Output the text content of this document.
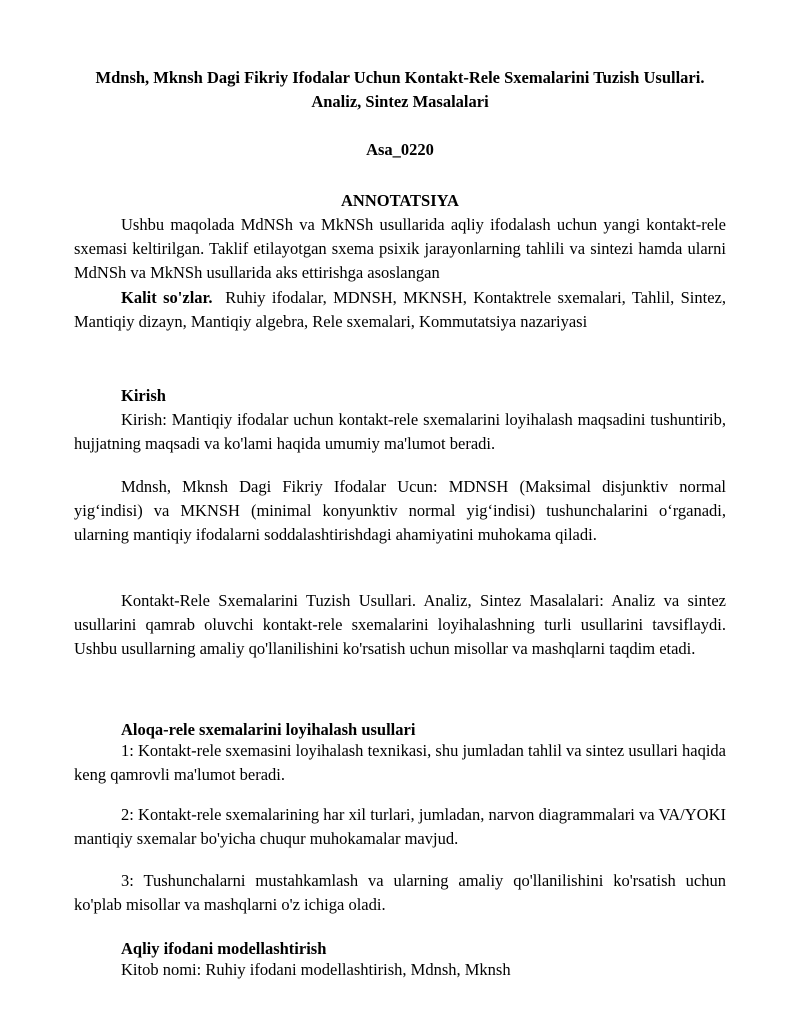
Mdnsh, Mknsh Dagi Fikriy Ifodalar Uchun Kontakt-Rele Sxemalarini Tuzish Usullari. Analiz, Sintez Masalalari
Asa_0220
ANNOTATSIYA

Ushbu maqolada MdNSh va MkNSh usullarida aqliy ifodalash uchun yangi kontakt-rele sxemasi keltirilgan. Taklif etilayotgan sxema psixik jarayonlarning tahlili va sintezi hamda ularni MdNSh va MkNSh usullarida aks ettirishga asoslangan

Kalit so'zlar. Ruhiy ifodalar, MDNSH, MKNSH, Kontaktrele sxemalari, Tahlil, Sintez, Mantiqiy dizayn, Mantiqiy algebra, Rele sxemalari, Kommutatsiya nazariyasi

Kirish

Kirish: Mantiqiy ifodalar uchun kontakt-rele sxemalarini loyihalash maqsadini tushuntirib, hujjatning maqsadi va ko'lami haqida umumiy ma'lumot beradi.

Mdnsh, Mknsh Dagi Fikriy Ifodalar Ucun: MDNSH (Maksimal disjunktiv normal yig‘indisi) va MKNSH (minimal konyunktiv normal yig‘indisi) tushunchalarini o‘rganadi, ularning mantiqiy ifodalarni soddalashtirishdagi ahamiyatini muhokama qiladi.

Kontakt-Rele Sxemalarini Tuzish Usullari. Analiz, Sintez Masalalari: Analiz va sintez usullarini qamrab oluvchi kontakt-rele sxemalarini loyihalashning turli usullarini tavsiflaydi. Ushbu usullarning amaliy qo'llanilishini ko'rsatish uchun misollar va mashqlarni taqdim etadi.

Aloqa-rele sxemalarini loyihalash usullari

1: Kontakt-rele sxemasini loyihalash texnikasi, shu jumladan tahlil va sintez usullari haqida keng qamrovli ma'lumot beradi.

2: Kontakt-rele sxemalarining har xil turlari, jumladan, narvon diagrammalari va VA/YOKI mantiqiy sxemalar bo'yicha chuqur muhokamalar mavjud.

3: Tushunchalarni mustahkamlash va ularning amaliy qo'llanilishini ko'rsatish uchun ko'plab misollar va mashqlarni o'z ichiga oladi.

Aqliy ifodani modellashtirish
Kitob nomi: Ruhiy ifodani modellashtirish, Mdnsh, Mknsh
